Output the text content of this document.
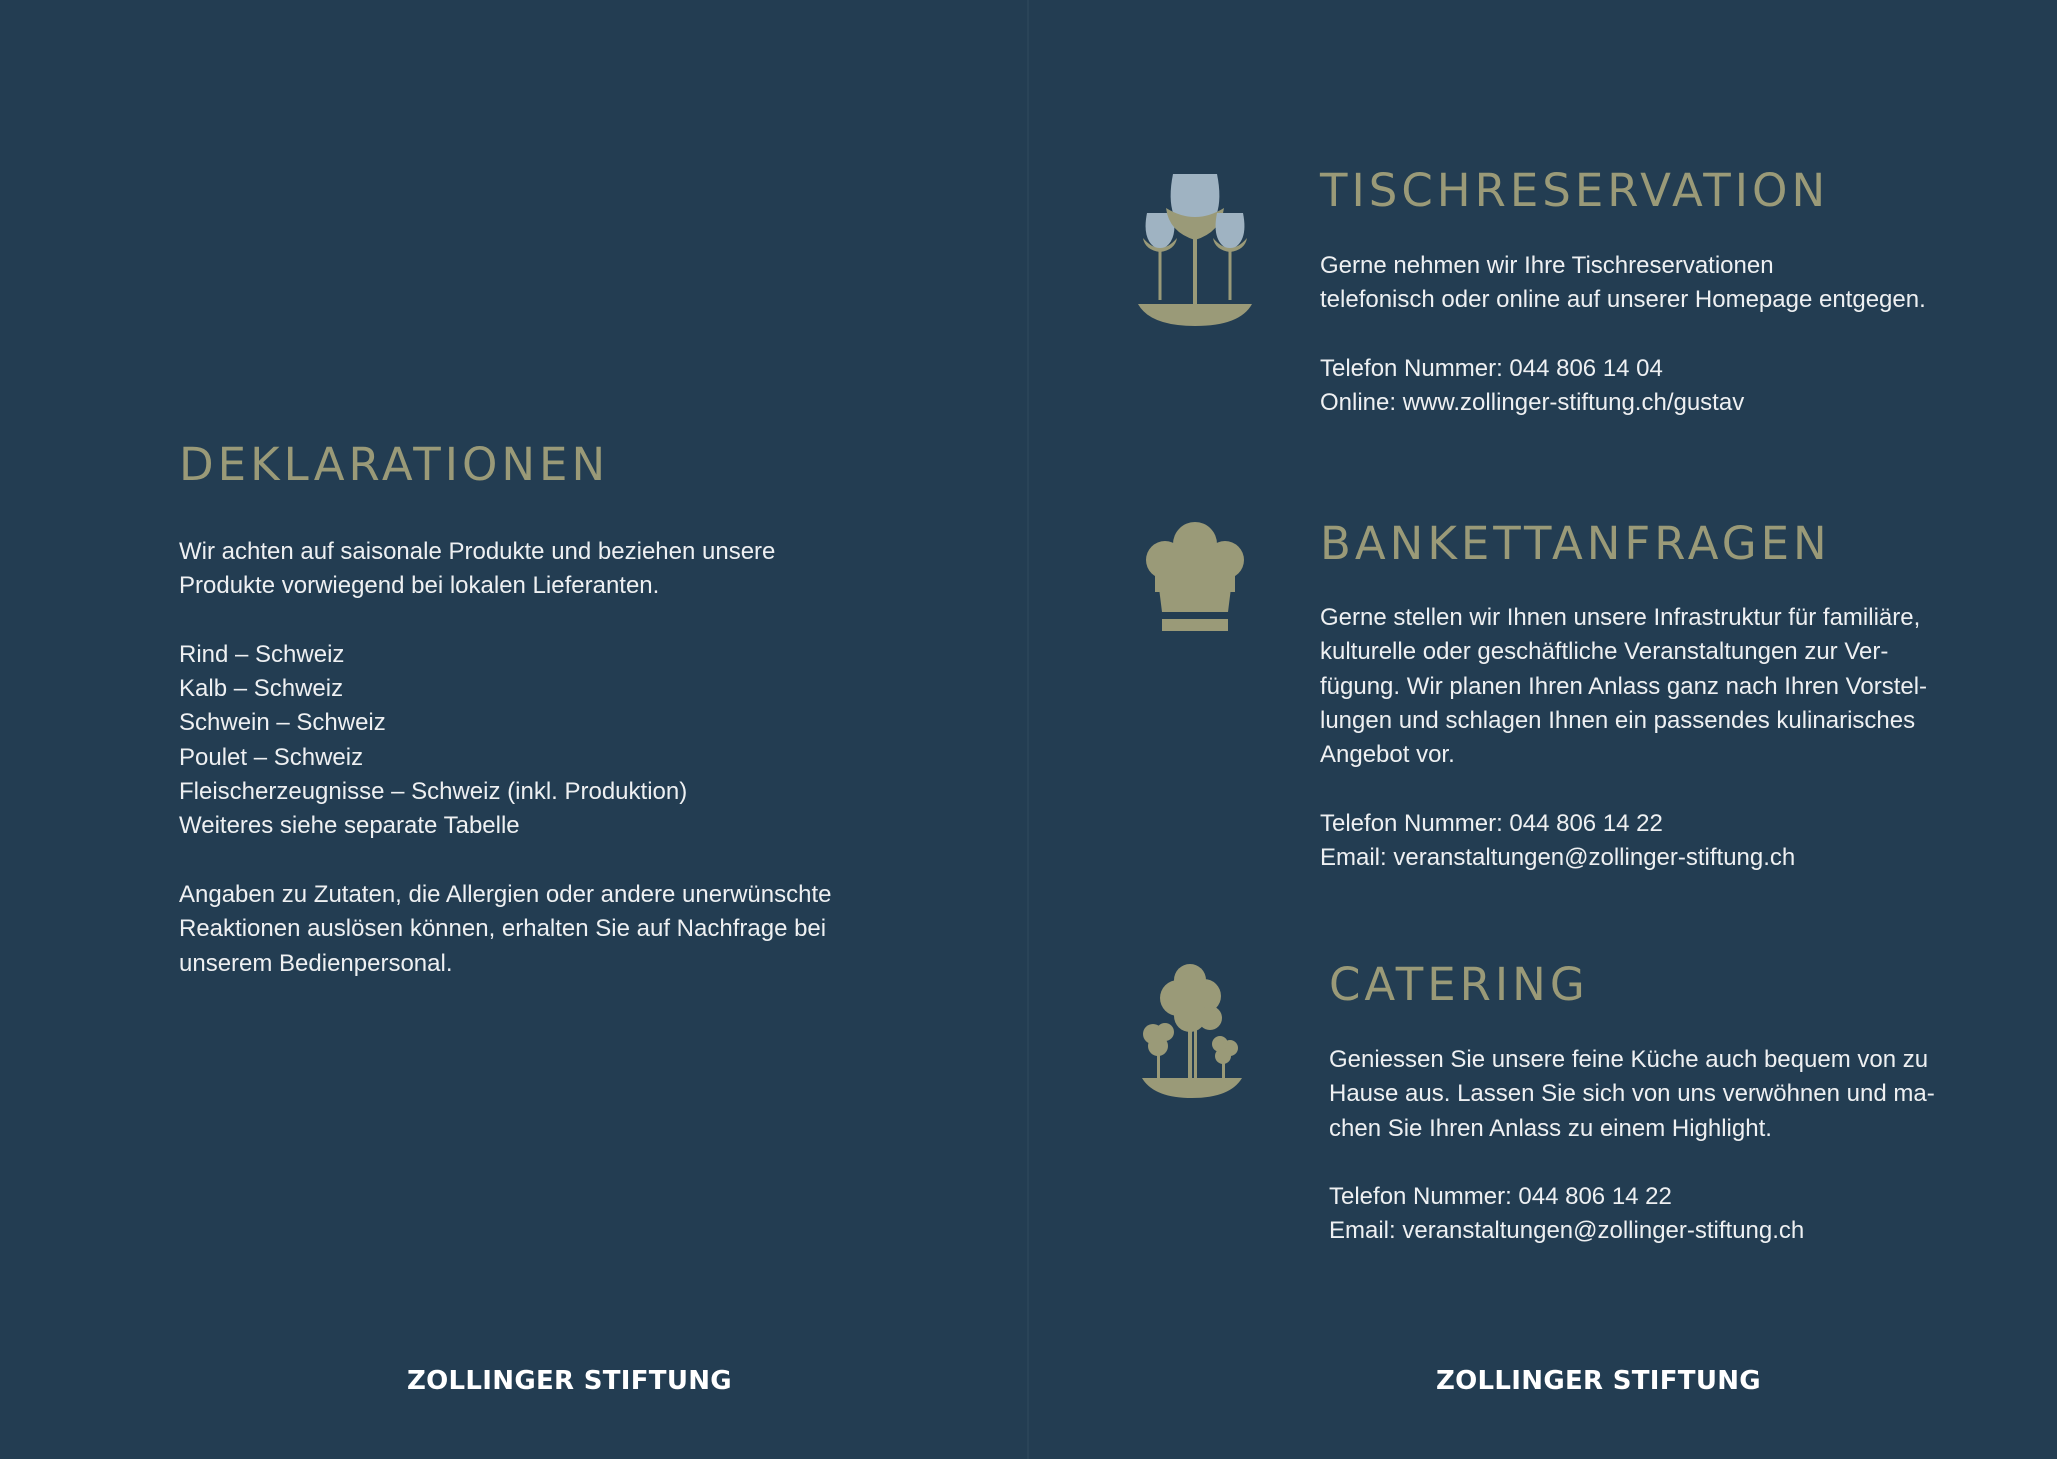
DEKLARATIONEN

Wir achten auf saisonale Produkte und beziehen unsere
Produkte vorwiegend bei lokalen Lieferanten.

Rind – Schweiz
Kalb – Schweiz
Schwein – Schweiz
Poulet – Schweiz
Fleischerzeugnisse – Schweiz (inkl. Produktion)
Weiteres siehe separate Tabelle

Angaben zu Zutaten, die Allergien oder andere unerwünschte
Reaktionen auslösen können, erhalten Sie auf Nachfrage bei
unserem Bedienpersonal.

ZOLLINGER STIFTUNG
TISCHRESERVATION

Gerne nehmen wir Ihre Tischreservationen
telefonisch oder online auf unserer Homepage entgegen.

Telefon Nummer: 044 806 14 04
Online: www.zollinger-stiftung.ch/gustav

BANKETTANFRAGEN

Gerne stellen wir Ihnen unsere Infrastruktur für familiäre,
kulturelle oder geschäftliche Veranstaltungen zur Ver-
fügung. Wir planen Ihren Anlass ganz nach Ihren Vorstel-
lungen und schlagen Ihnen ein passendes kulinarisches
Angebot vor.

Telefon Nummer: 044 806 14 22
Email: veranstaltungen@zollinger-stiftung.ch

CATERING

Geniessen Sie unsere feine Küche auch bequem von zu
Hause aus. Lassen Sie sich von uns verwöhnen und ma-
chen Sie Ihren Anlass zu einem Highlight.

Telefon Nummer: 044 806 14 22
Email: veranstaltungen@zollinger-stiftung.ch

ZOLLINGER STIFTUNG
